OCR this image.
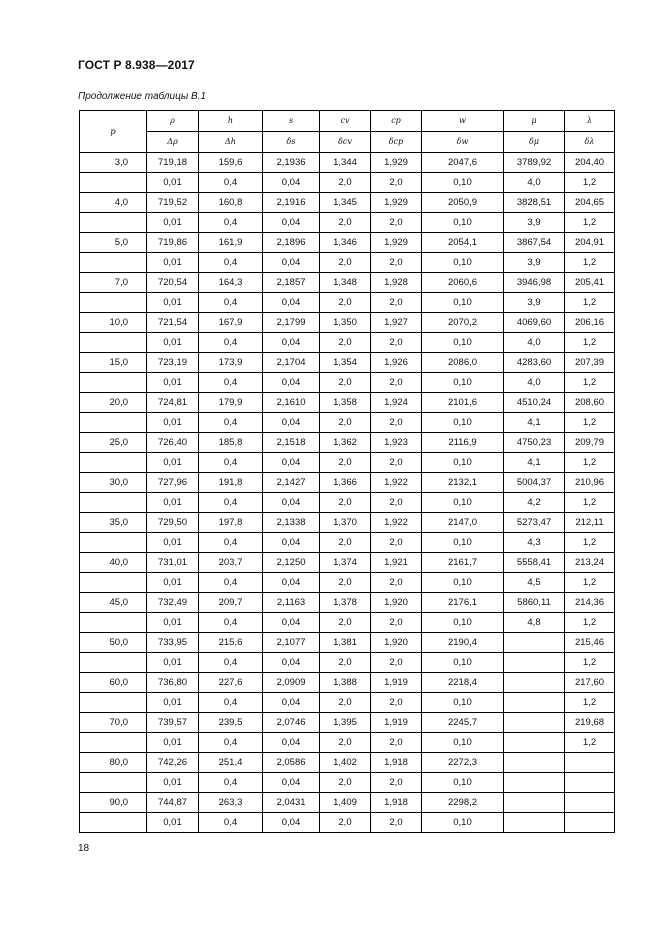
ГОСТ Р 8.938—2017
Продолжение таблицы В.1
p	ρ	h	s	cv	cp	w	μ	λ
	Δρ	Δh	δs	δcv	δcp	δw	δμ	δλ
3,0	719,18	159,6	2,1936	1,344	1,929	2047,6	3789,92	204,40
	0,01	0,4	0,04	2,0	2,0	0,10	4,0	1,2
4,0	719,52	160,8	2,1916	1,345	1,929	2050,9	3828,51	204,65
	0,01	0,4	0,04	2,0	2,0	0,10	3,9	1,2
5,0	719,86	161,9	2,1896	1,346	1,929	2054,1	3867,54	204,91
	0,01	0,4	0,04	2,0	2,0	0,10	3,9	1,2
7,0	720,54	164,3	2,1857	1,348	1,928	2060,6	3946,98	205,41
	0,01	0,4	0,04	2,0	2,0	0,10	3,9	1,2
10,0	721,54	167,9	2,1799	1,350	1,927	2070,2	4069,60	206,16
	0,01	0,4	0,04	2,0	2,0	0,10	4,0	1,2
15,0	723,19	173,9	2,1704	1,354	1,926	2086,0	4283,60	207,39
	0,01	0,4	0,04	2,0	2,0	0,10	4,0	1,2
20,0	724,81	179,9	2,1610	1,358	1,924	2101,6	4510,24	208,60
	0,01	0,4	0,04	2,0	2,0	0,10	4,1	1,2
25,0	726,40	185,8	2,1518	1,362	1,923	2116,9	4750,23	209,79
	0,01	0,4	0,04	2,0	2,0	0,10	4,1	1,2
30,0	727,96	191,8	2,1427	1,366	1,922	2132,1	5004,37	210,96
	0,01	0,4	0,04	2,0	2,0	0,10	4,2	1,2
35,0	729,50	197,8	2,1338	1,370	1,922	2147,0	5273,47	212,11
	0,01	0,4	0,04	2,0	2,0	0,10	4,3	1,2
40,0	731,01	203,7	2,1250	1,374	1,921	2161,7	5558,41	213,24
	0,01	0,4	0,04	2,0	2,0	0,10	4,5	1,2
45,0	732,49	209,7	2,1163	1,378	1,920	2176,1	5860,11	214,36
	0,01	0,4	0,04	2,0	2,0	0,10	4,8	1,2
50,0	733,95	215,6	2,1077	1,381	1,920	2190,4		215,46
	0,01	0,4	0,04	2,0	2,0	0,10		1,2
60,0	736,80	227,6	2,0909	1,388	1,919	2218,4		217,60
	0,01	0,4	0,04	2,0	2,0	0,10		1,2
70,0	739,57	239,5	2,0746	1,395	1,919	2245,7		219,68
	0,01	0,4	0,04	2,0	2,0	0,10		1,2
80,0	742,26	251,4	2,0586	1,402	1,918	2272,3		
	0,01	0,4	0,04	2,0	2,0	0,10		
90,0	744,87	263,3	2,0431	1,409	1,918	2298,2		
	0,01	0,4	0,04	2,0	2,0	0,10		
18
